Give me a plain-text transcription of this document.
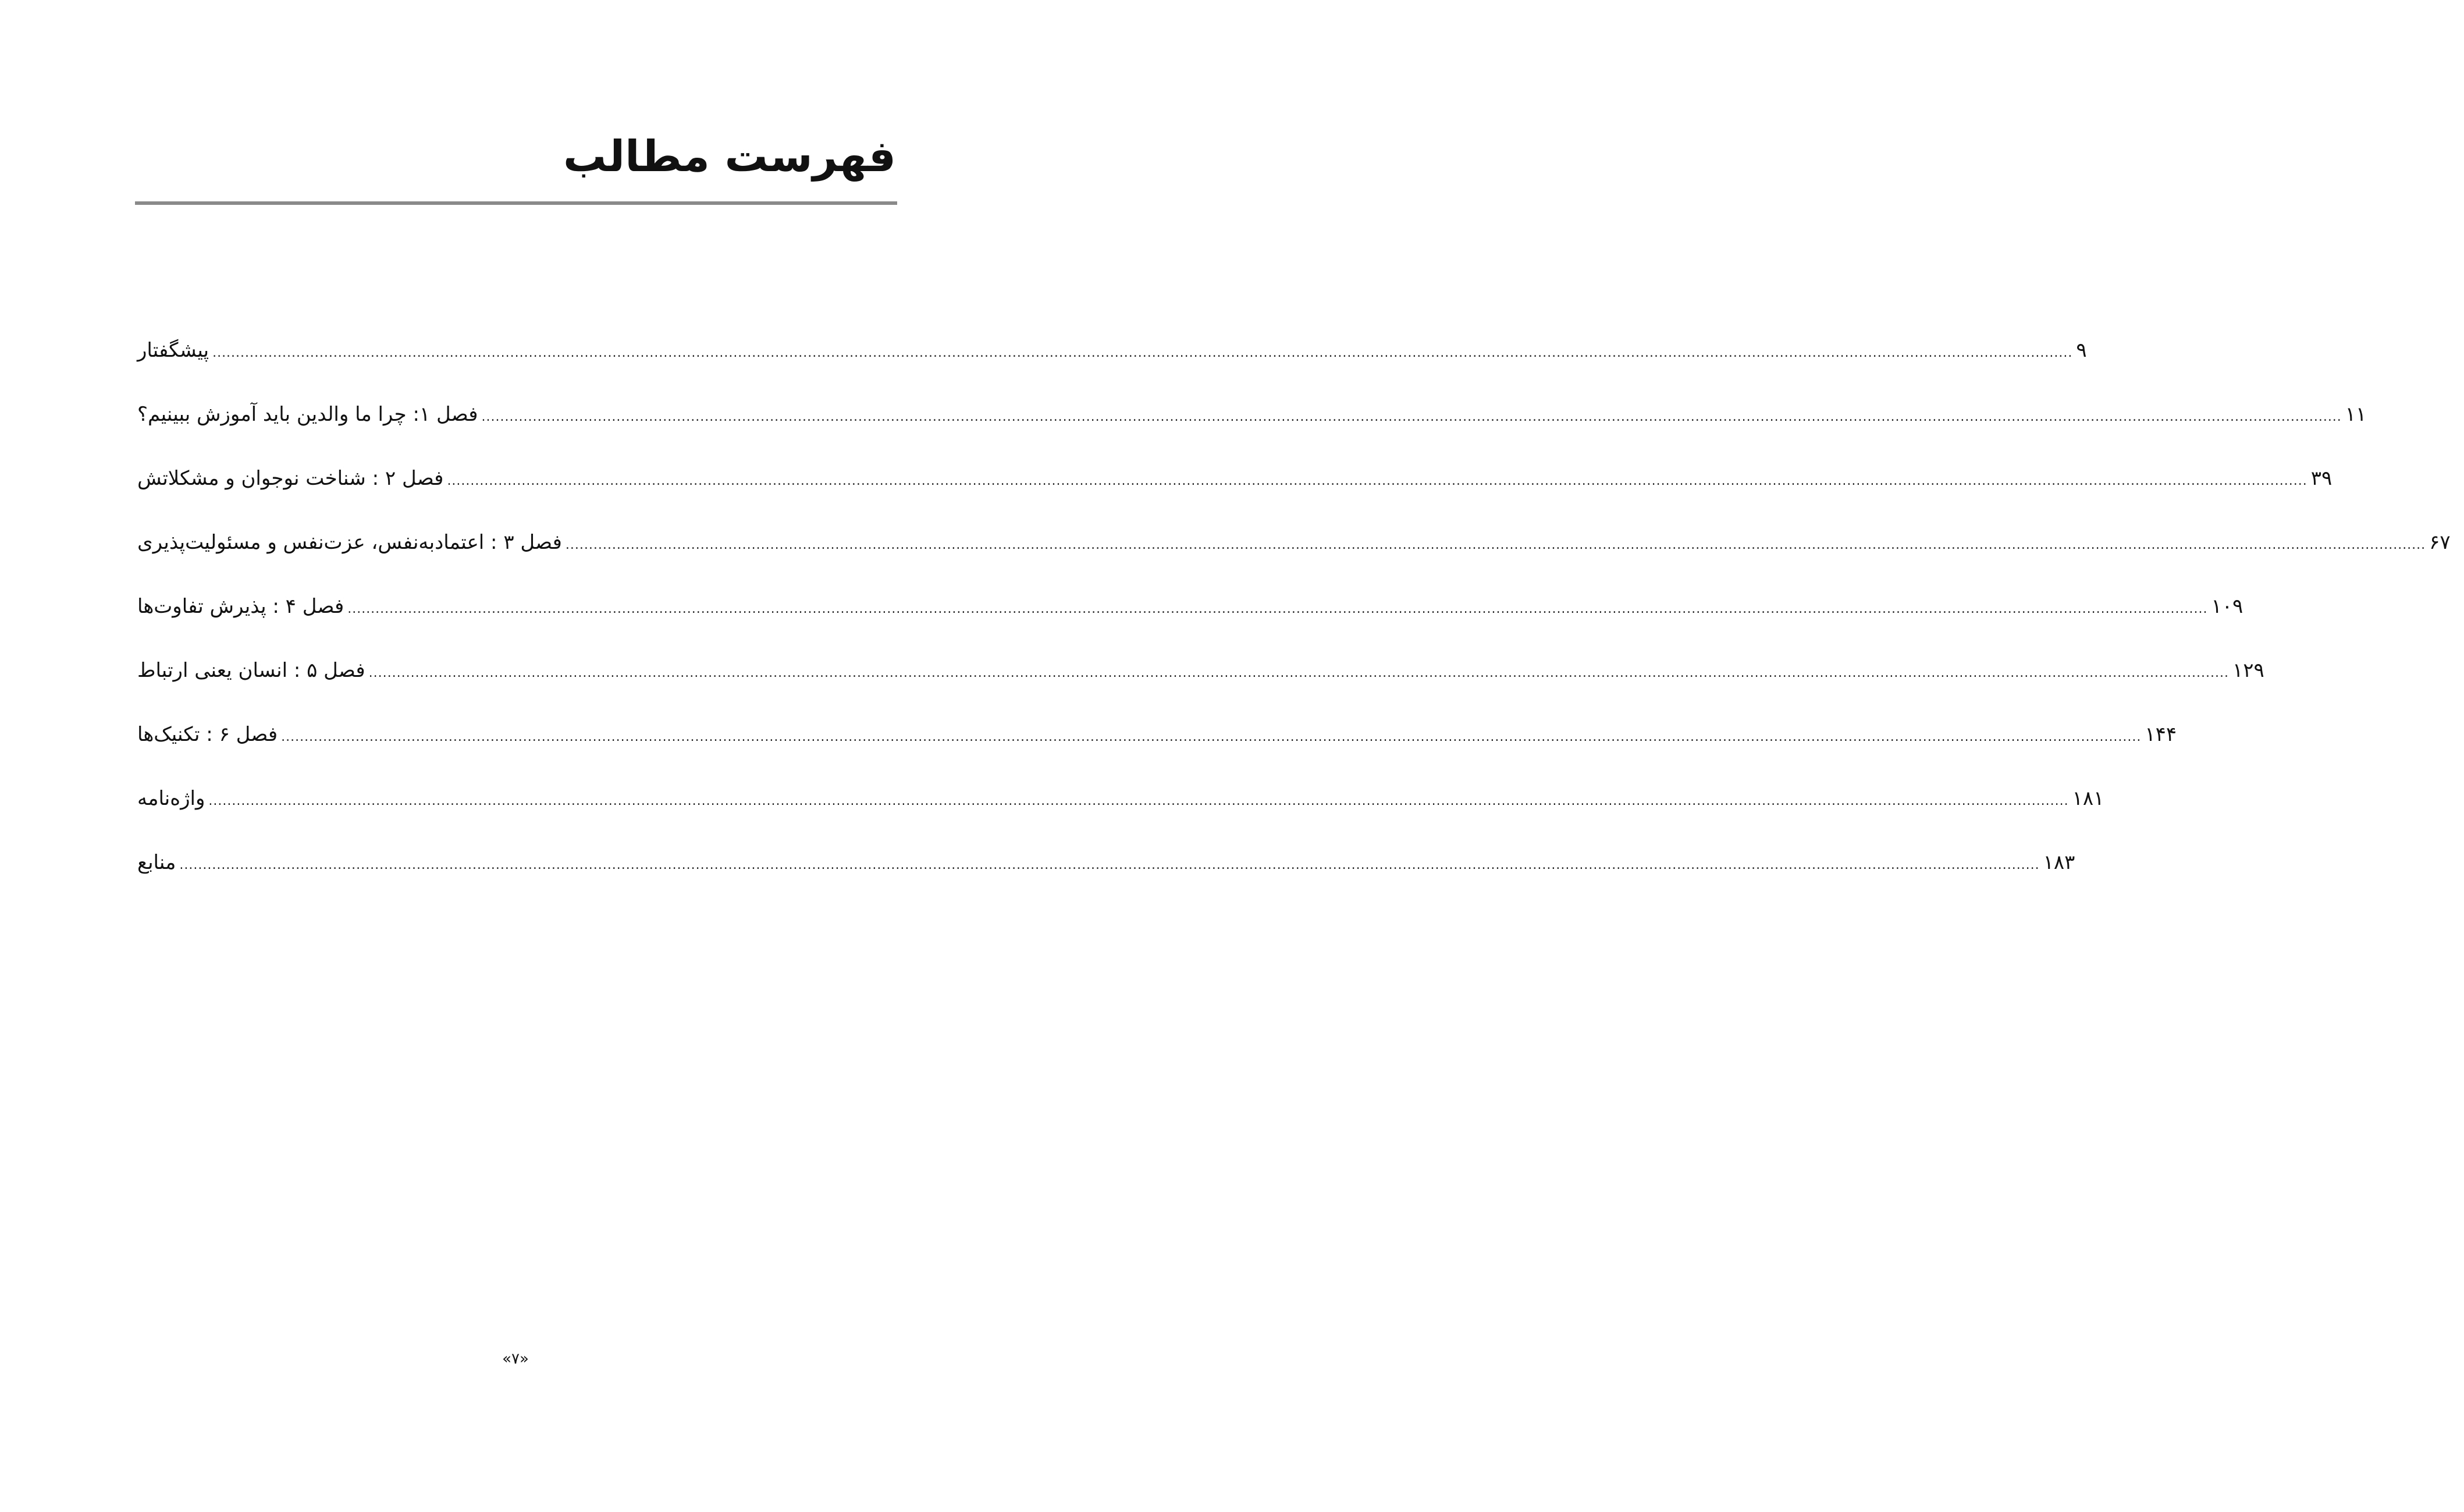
فهرست مطالب
پیشگفتار ................................................................................................................................................................................................................................................................................................................................................................................................................ ۹
فصل ۱: چرا ما والدین باید آموزش ببینیم؟ ................................................................................................................................................................................................................................................................................................................................................................................................................ ۱۱
فصل ۲ : شناخت نوجوان و مشکلاتش ................................................................................................................................................................................................................................................................................................................................................................................................................ ۳۹
فصل ۳ : اعتمادبه‌نفس، عزت‌نفس و مسئولیت‌پذیری ................................................................................................................................................................................................................................................................................................................................................................................................................ ۶۷
فصل ۴ : پذیرش تفاوت‌ها ................................................................................................................................................................................................................................................................................................................................................................................................................ ۱۰۹
فصل ۵ : انسان یعنی ارتباط ................................................................................................................................................................................................................................................................................................................................................................................................................ ۱۲۹
فصل ۶ : تکنیک‌ها ................................................................................................................................................................................................................................................................................................................................................................................................................ ۱۴۴
واژه‌نامه ................................................................................................................................................................................................................................................................................................................................................................................................................ ۱۸۱
منابع ................................................................................................................................................................................................................................................................................................................................................................................................................ ۱۸۳
«۷»
